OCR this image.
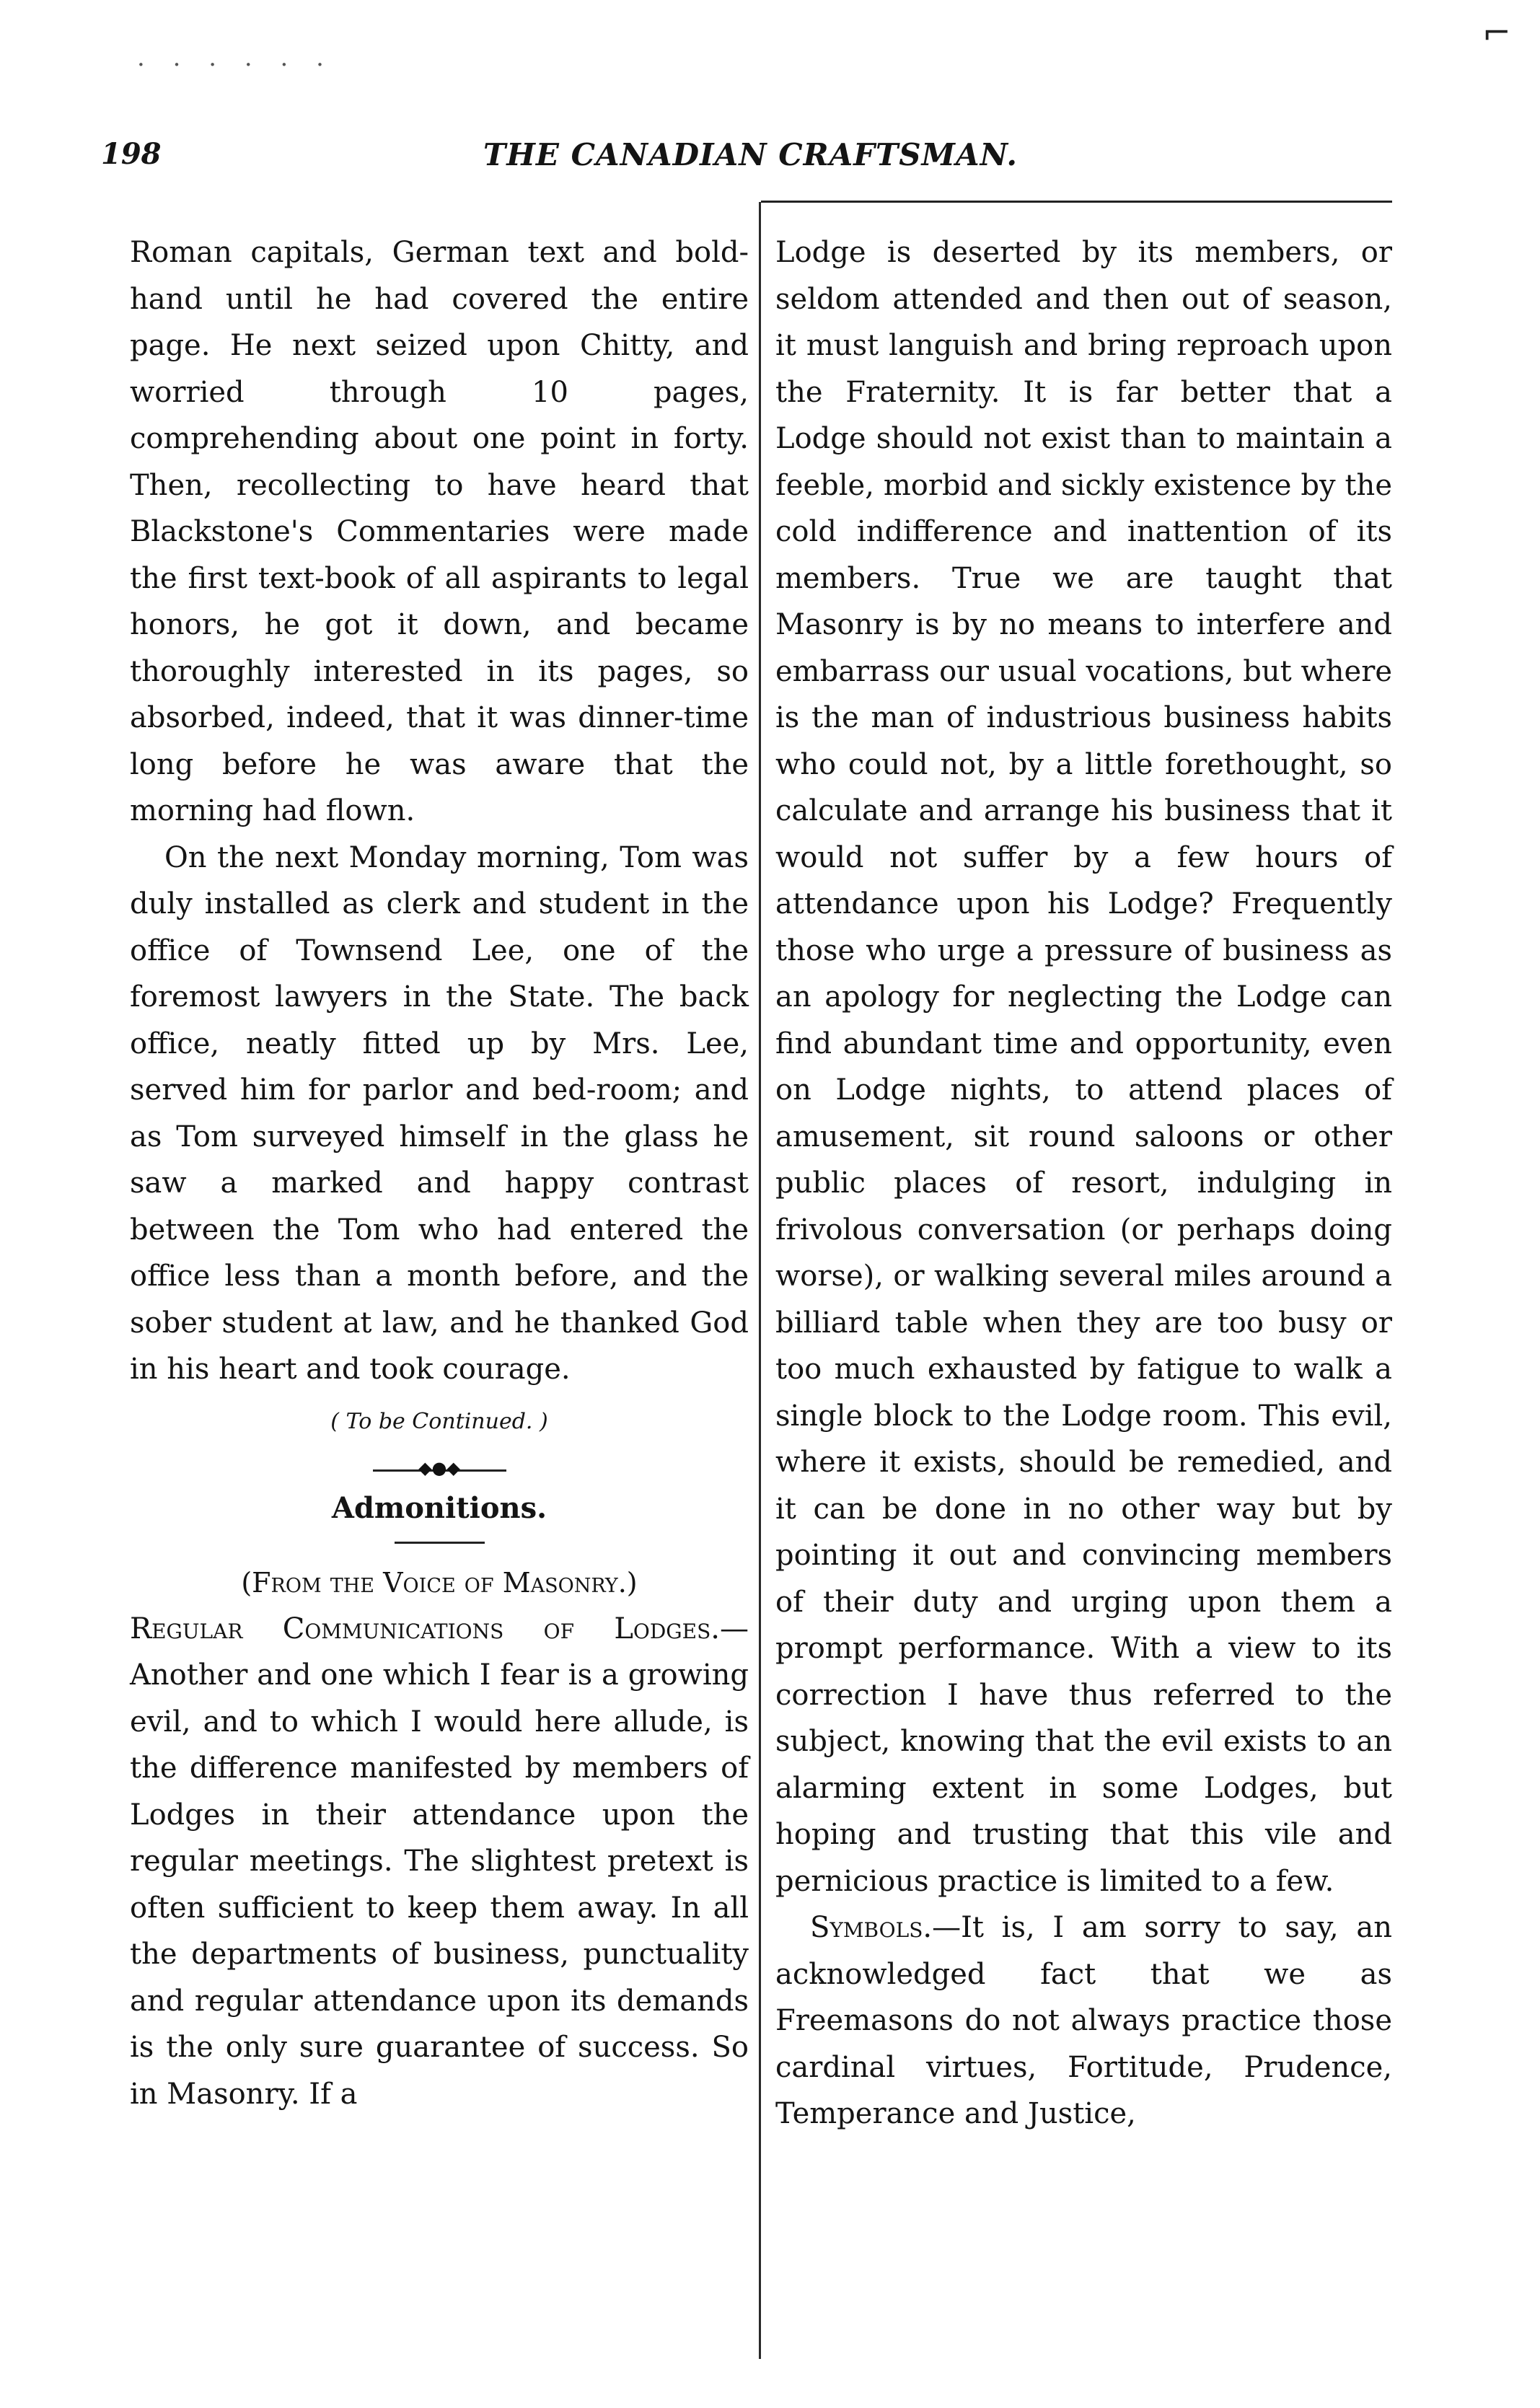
· · · · · ·
⌐
198	THE CANADIAN CRAFTSMAN.

Roman capitals, German text and bold-hand until he had covered the entire page. He next seized upon Chitty, and worried through 10 pages, comprehending about one point in forty. Then, recollecting to have heard that Blackstone's Commentaries were made the first text-book of all aspirants to legal honors, he got it down, and became thoroughly interested in its pages, so absorbed, indeed, that it was dinner-time long before he was aware that the morning had flown.

On the next Monday morning, Tom was duly installed as clerk and student in the office of Townsend Lee, one of the foremost lawyers in the State. The back office, neatly fitted up by Mrs. Lee, served him for parlor and bed-room; and as Tom surveyed himself in the glass he saw a marked and happy contrast between the Tom who had entered the office less than a month before, and the sober student at law, and he thanked God in his heart and took courage.

( To be Continued. )
◆●◆
Admonitions.
(From the Voice of Masonry.)

Regular Communications of Lodges.—Another and one which I fear is a growing evil, and to which I would here allude, is the difference manifested by members of Lodges in their attendance upon the regular meetings. The slightest pretext is often sufficient to keep them away. In all the departments of business, punctuality and regular attendance upon its demands is the only sure guarantee of success. So in Masonry. If a

Lodge is deserted by its members, or seldom attended and then out of season, it must languish and bring reproach upon the Fraternity. It is far better that a Lodge should not exist than to maintain a feeble, morbid and sickly existence by the cold indifference and inattention of its members. True we are taught that Masonry is by no means to interfere and embarrass our usual vocations, but where is the man of industrious business habits who could not, by a little forethought, so calculate and arrange his business that it would not suffer by a few hours of attendance upon his Lodge? Frequently those who urge a pressure of business as an apology for neglecting the Lodge can find abundant time and opportunity, even on Lodge nights, to attend places of amusement, sit round saloons or other public places of resort, indulging in frivolous conversation (or perhaps doing worse), or walking several miles around a billiard table when they are too busy or too much exhausted by fatigue to walk a single block to the Lodge room. This evil, where it exists, should be remedied, and it can be done in no other way but by pointing it out and convincing members of their duty and urging upon them a prompt performance. With a view to its correction I have thus referred to the subject, knowing that the evil exists to an alarming extent in some Lodges, but hoping and trusting that this vile and pernicious practice is limited to a few.

Symbols.—It is, I am sorry to say, an acknowledged fact that we as Freemasons do not always practice those cardinal virtues, Fortitude, Prudence, Temperance and Justice,
